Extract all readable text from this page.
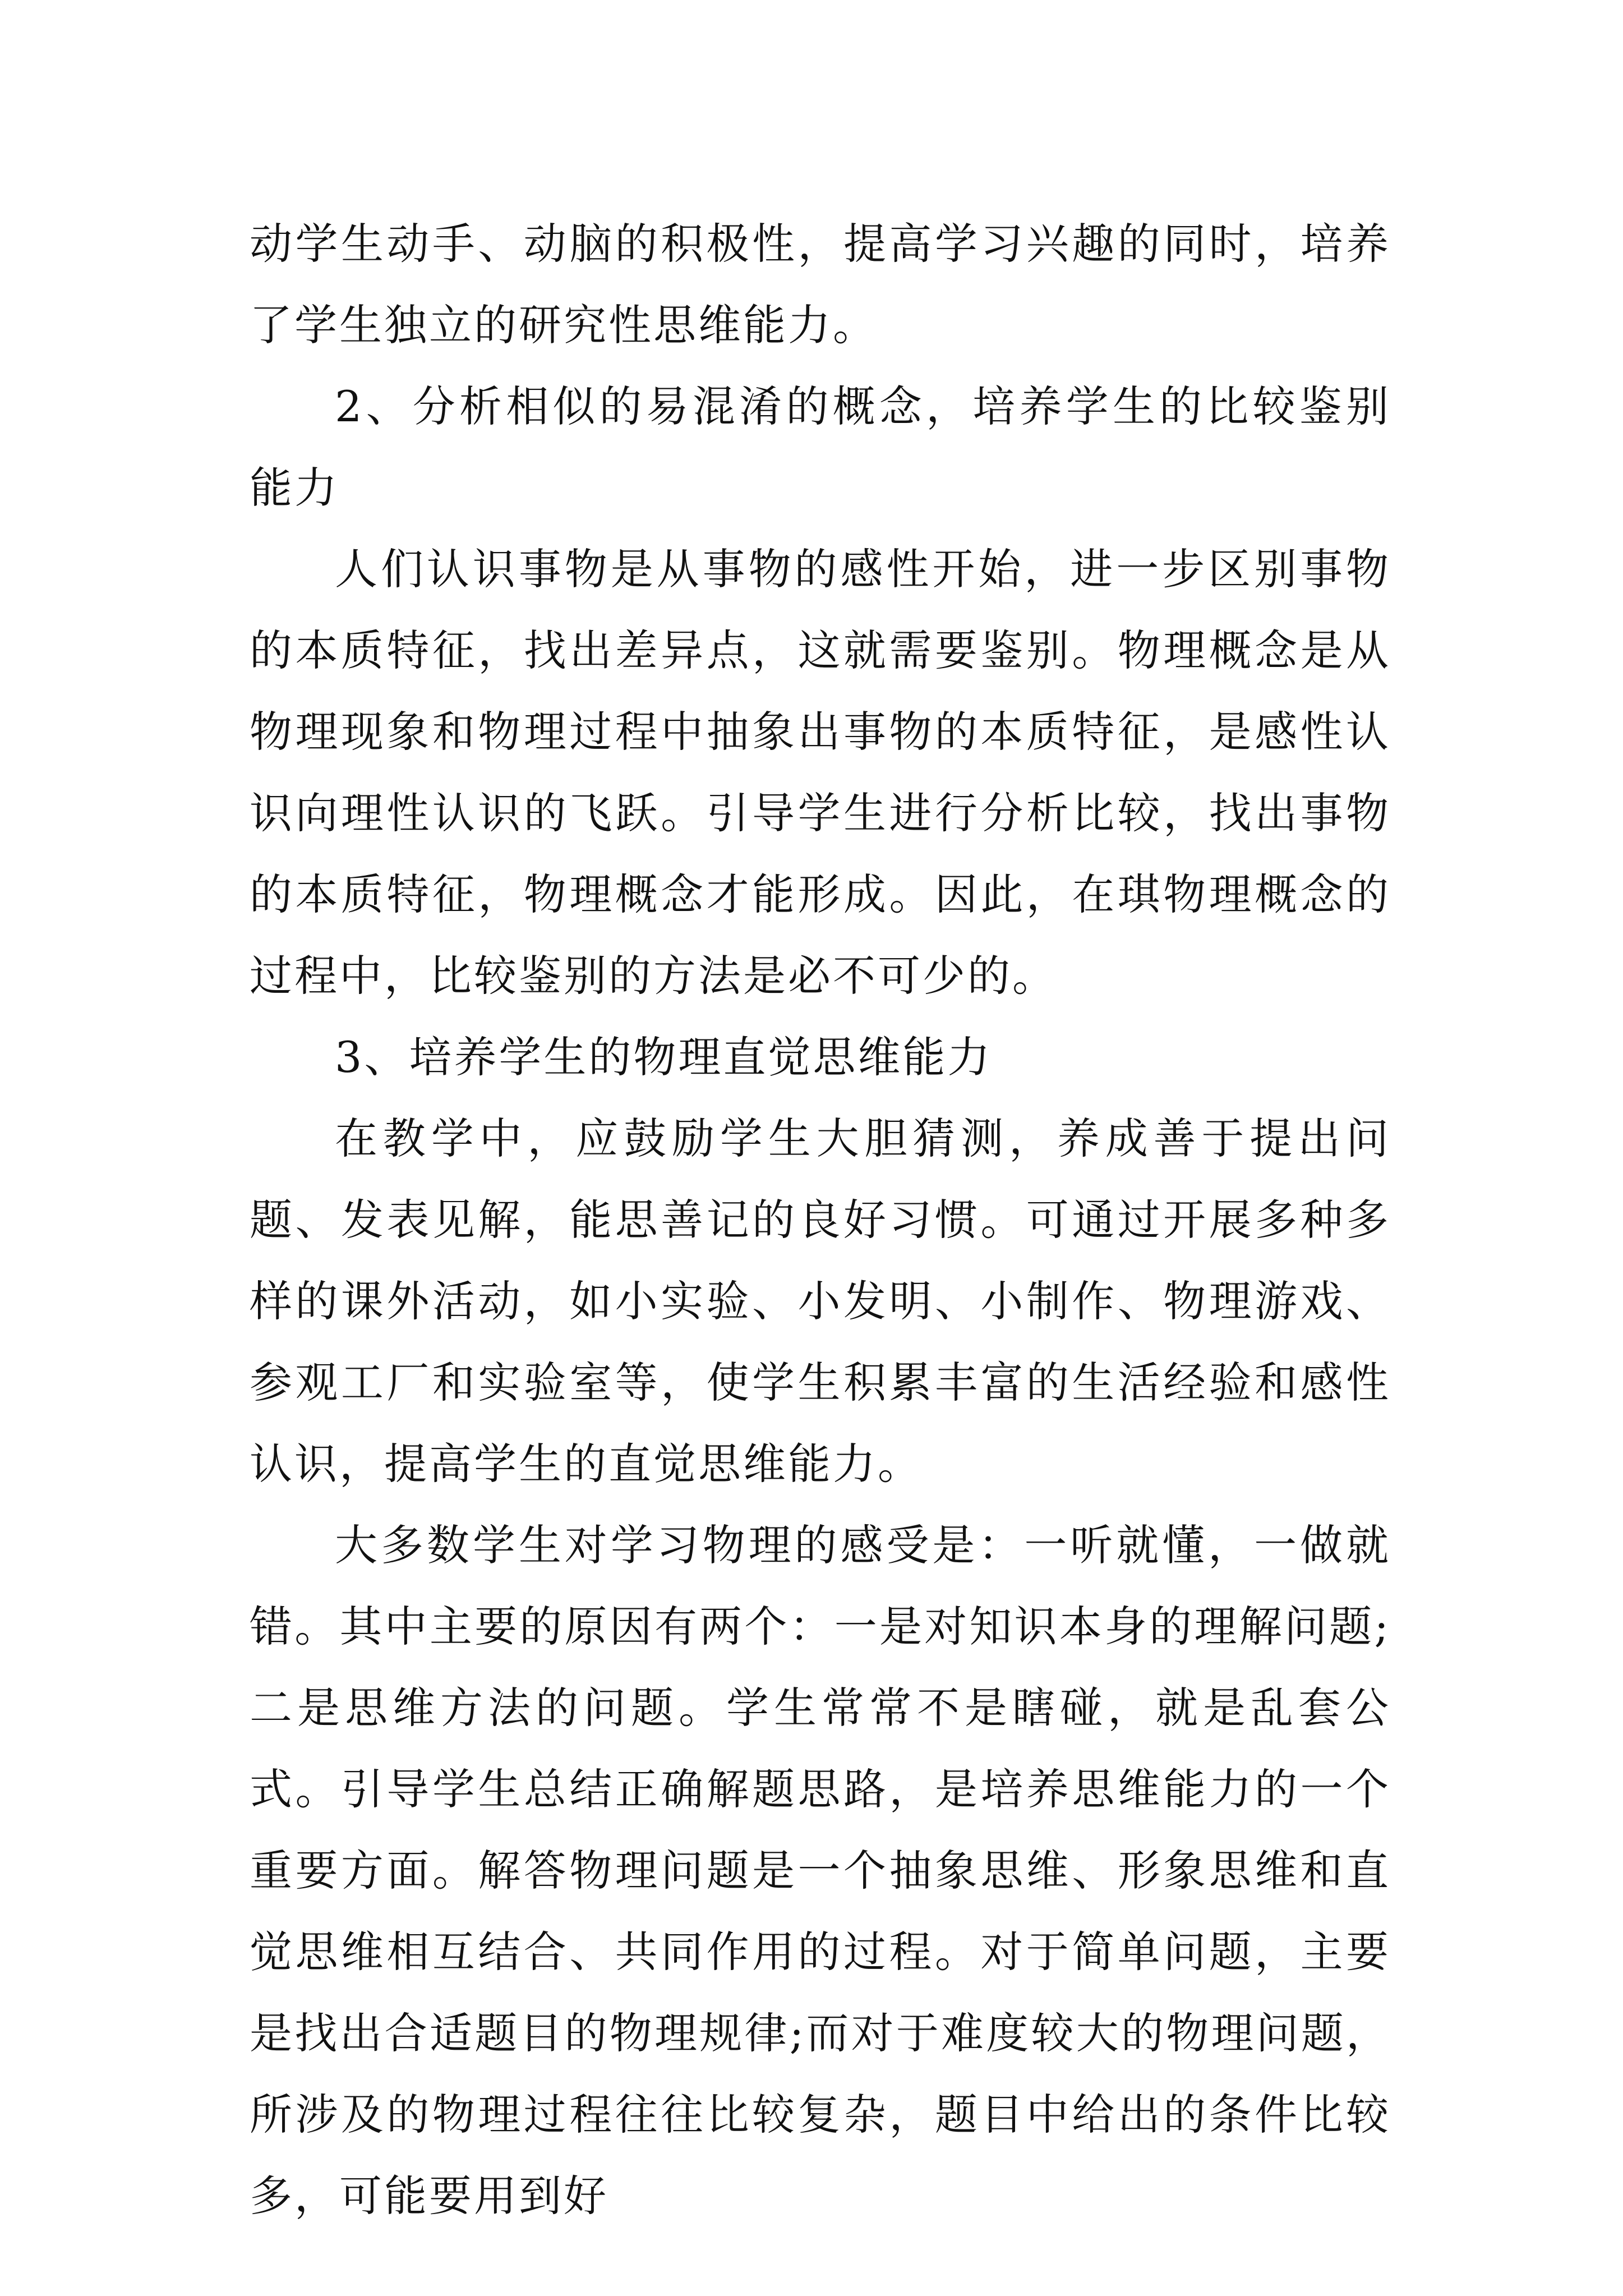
动学生动手、动脑的积极性，提高学习兴趣的同时，培养了学生独立的研究性思维能力。

2、分析相似的易混淆的概念，培养学生的比较鉴别能力

人们认识事物是从事物的感性开始，进一步区别事物的本质特征，找出差异点，这就需要鉴别。物理概念是从物理现象和物理过程中抽象出事物的本质特征，是感性认识向理性认识的飞跃。引导学生进行分析比较，找出事物的本质特征，物理概念才能形成。因此，在琪物理概念的过程中，比较鉴别的方法是必不可少的。

3、培养学生的物理直觉思维能力

在教学中，应鼓励学生大胆猜测，养成善于提出问题、发表见解，能思善记的良好习惯。可通过开展多种多样的课外活动，如小实验、小发明、小制作、物理游戏、参观工厂和实验室等，使学生积累丰富的生活经验和感性认识，提高学生的直觉思维能力。

大多数学生对学习物理的感受是：一听就懂，一做就错。其中主要的原因有两个：一是对知识本身的理解问题;二是思维方法的问题。学生常常不是瞎碰，就是乱套公式。引导学生总结正确解题思路，是培养思维能力的一个重要方面。解答物理问题是一个抽象思维、形象思维和直觉思维相互结合、共同作用的过程。对于简单问题，主要是找出合适题目的物理规律;而对于难度较大的物理问题，所涉及的物理过程往往比较复杂，题目中给出的条件比较多，可能要用到好
